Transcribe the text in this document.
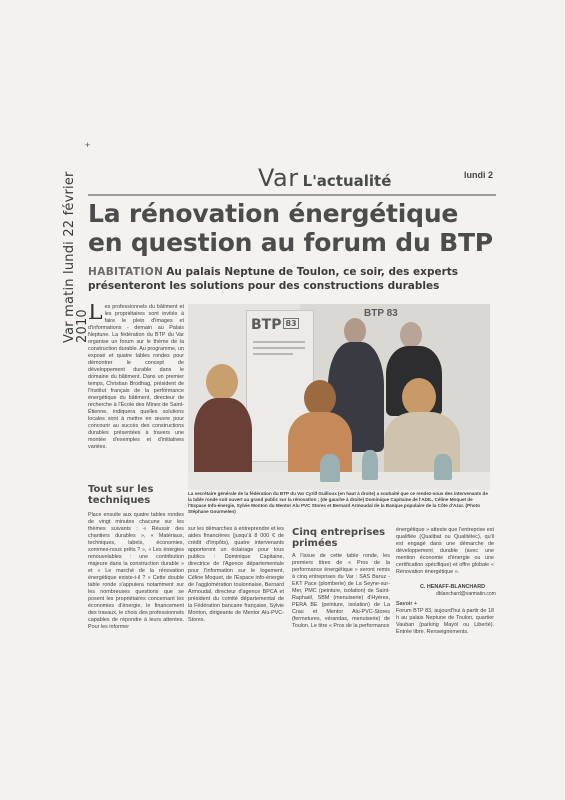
Var matin lundi 22 février 2010
+
Var L'actualité	lundi 2
La rénovation énergétique en question au forum du BTP
HABITATION Au palais Neptune de Toulon, ce soir, des experts présenteront les solutions pour des constructions durables
Les professionnels du bâtiment et les propriétaires sont invités à faire le plein d'images et d'informations - demain au Palais Neptune. La fédération du BTP du Var organise un forum sur le thème de la construction durable. Au programme, un exposé et quatre tables rondes pour démontrer le concept de développement durable dans le domaine du bâtiment. Dans un premier temps, Christian Brodhag, président de l'Institut français de la performance énergétique du bâtiment, directeur de recherche à l'École des Mines de Saint-Étienne, indiquera quelles solutions locales sont à mettre en œuvre pour concourir au succès des constructions durables présentées à travers une montée d'exemples et d'initiatives variées.
Tout sur les techniques
Place ensuite aux quatre tables rondes de vingt minutes chacune sur les thèmes suivants : « Réussir des chantiers durables », « Matériaux, techniques, labels, économies, sommes-nous prêts ? », « Les énergies renouvelables : une contribution majeure dans la construction durable » et « Le marché de la rénovation énergétique existe-t-il ? » Cette double table ronde s'appuiera notamment sur les nombreuses questions que se posent les propriétaires concernant les économies d'énergie, le financement des travaux, le choix des professionnels capables de répondre à leurs attentes. Pour les informer
BTP $^{83}$
BTP 83
La secrétaire générale de la fédération du BTP du Var Cyrill Guilloux (en haut à droite) a souhaité que ce rendez-vous des intervenants de la table ronde soit ouvert au grand public sur la rénovation ; (de gauche à droite) Dominique Capitaine de l'ADIL, Céline Moquet de l'Espace Info-énergie, Sylvie Monton du Mentor Alu PVC Stores et Bernard Armoudal de la Banque populaire de la Côte d'Azur. (Photo Stéphane Gourmelen)
sur les démarches à entreprendre et les aides financières (jusqu'à 8 000 € de crédit d'impôts), quatre intervenants apporteront un éclairage pour tous publics : Dominique Capitaine, directrice de l'Agence départementale pour l'information sur le logement, Céline Moquet, de l'Espace info-énergie de l'agglomération toulonnaise, Bernard Armoudal, directeur d'agence BPCA et président du comité départemental de la Fédération bancaire française, Sylvie Monton, dirigeante de Mentor Alu-PVC-Stores.
Cinq entreprises primées
À l'issue de cette table ronde, les premiers titres de « Pros de la performance énergétique » seront remis à cinq entreprises du Var : SAS Baruz - EKT Pace (plomberie) de La Seyne-sur-Mer, PMC (peinture, isolation) de Saint-Raphaël, SBM (menuiserie) d'Hyères, PERA BE (peinture, isolation) de La Crau et Mentor Alu-PVC-Stores (fermetures, vérandas, menuiserie) de Toulon. Le titre « Pros de la performance
énergétique » atteste que l'entreprise est qualifiée (Qualibat ou Qualitélec), qu'il est engagé dans une démarche de développement durable (avec une mention économie d'énergie ou une certification spécifique) et offre globale « Rénovation énergétique ».
C. HENAFF-BLANCHARD
dblanchard@varmatin.com
Savoir +
Forum BTP 83, aujourd'hui à partir de 18 h au palais Neptune de Toulon, quartier Vauban (parking Mayol ou Liberté). Entrée libre. Renseignements.
